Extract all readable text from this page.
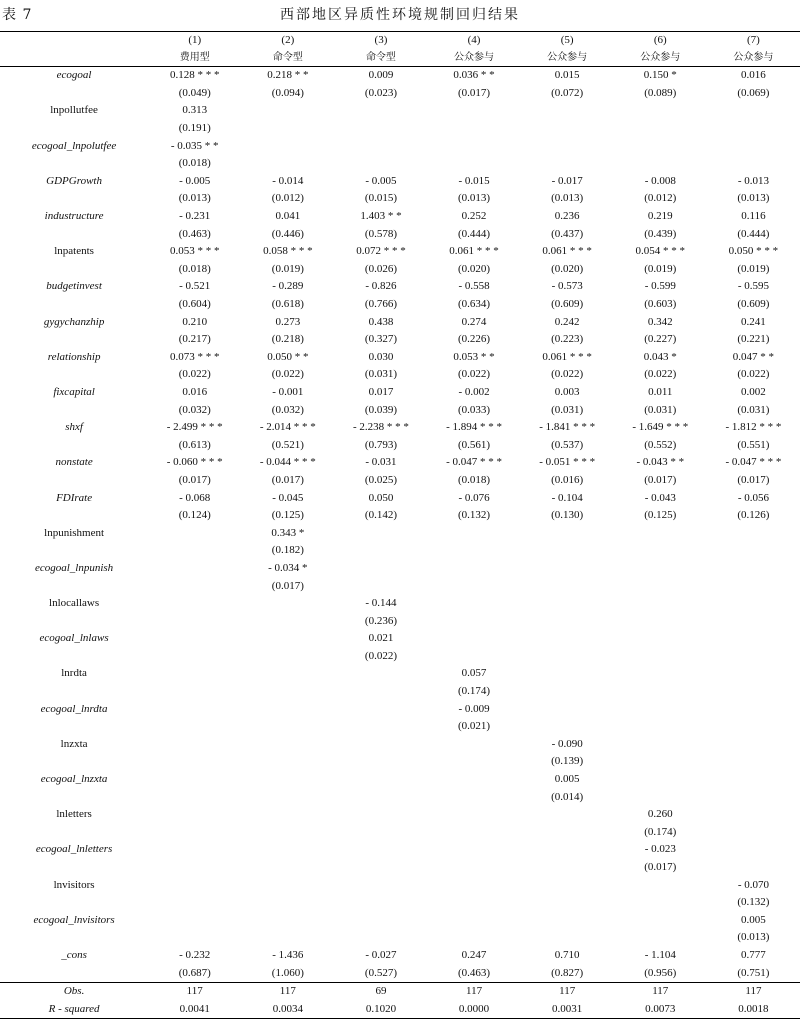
表 7	西部地区异质性环境规制回归结果
	(1)	(2)	(3)	(4)	(5)	(6)	(7)
	费用型	命令型	命令型	公众参与	公众参与	公众参与	公众参与
ecogoal	0.128 * * *	0.218 * *	0.009	0.036 * *	0.015	0.150 *	0.016
	(0.049)	(0.094)	(0.023)	(0.017)	(0.072)	(0.089)	(0.069)
lnpollutfee	0.313						
	(0.191)						
ecogoal_lnpolutfee	- 0.035 * *						
	(0.018)						
GDPGrowth	- 0.005	- 0.014	- 0.005	- 0.015	- 0.017	- 0.008	- 0.013
	(0.013)	(0.012)	(0.015)	(0.013)	(0.013)	(0.012)	(0.013)
industructure	- 0.231	0.041	1.403 * *	0.252	0.236	0.219	0.116
	(0.463)	(0.446)	(0.578)	(0.444)	(0.437)	(0.439)	(0.444)
lnpatents	0.053 * * *	0.058 * * *	0.072 * * *	0.061 * * *	0.061 * * *	0.054 * * *	0.050 * * *
	(0.018)	(0.019)	(0.026)	(0.020)	(0.020)	(0.019)	(0.019)
budgetinvest	- 0.521	- 0.289	- 0.826	- 0.558	- 0.573	- 0.599	- 0.595
	(0.604)	(0.618)	(0.766)	(0.634)	(0.609)	(0.603)	(0.609)
gygychanzhip	0.210	0.273	0.438	0.274	0.242	0.342	0.241
	(0.217)	(0.218)	(0.327)	(0.226)	(0.223)	(0.227)	(0.221)
relationship	0.073 * * *	0.050 * *	0.030	0.053 * *	0.061 * * *	0.043 *	0.047 * *
	(0.022)	(0.022)	(0.031)	(0.022)	(0.022)	(0.022)	(0.022)
fixcapital	0.016	- 0.001	0.017	- 0.002	0.003	0.011	0.002
	(0.032)	(0.032)	(0.039)	(0.033)	(0.031)	(0.031)	(0.031)
shxf	- 2.499 * * *	- 2.014 * * *	- 2.238 * * *	- 1.894 * * *	- 1.841 * * *	- 1.649 * * *	- 1.812 * * *
	(0.613)	(0.521)	(0.793)	(0.561)	(0.537)	(0.552)	(0.551)
nonstate	- 0.060 * * *	- 0.044 * * *	- 0.031	- 0.047 * * *	- 0.051 * * *	- 0.043 * *	- 0.047 * * *
	(0.017)	(0.017)	(0.025)	(0.018)	(0.016)	(0.017)	(0.017)
FDIrate	- 0.068	- 0.045	0.050	- 0.076	- 0.104	- 0.043	- 0.056
	(0.124)	(0.125)	(0.142)	(0.132)	(0.130)	(0.125)	(0.126)
lnpunishment		0.343 *					
		(0.182)					
ecogoal_lnpunish		- 0.034 *					
		(0.017)					
lnlocallaws			- 0.144				
			(0.236)				
ecogoal_lnlaws			0.021				
			(0.022)				
lnrdta				0.057			
				(0.174)			
ecogoal_lnrdta				- 0.009			
				(0.021)			
lnzxta					- 0.090		
					(0.139)		
ecogoal_lnzxta					0.005		
					(0.014)		
lnletters						0.260	
						(0.174)	
ecogoal_lnletters						- 0.023	
						(0.017)	
lnvisitors							- 0.070
							(0.132)
ecogoal_lnvisitors							0.005
							(0.013)
_cons	- 0.232	- 1.436	- 0.027	0.247	0.710	- 1.104	0.777
	(0.687)	(1.060)	(0.527)	(0.463)	(0.827)	(0.956)	(0.751)
Obs.	117	117	69	117	117	117	117
R - squared	0.0041	0.0034	0.1020	0.0000	0.0031	0.0073	0.0018
